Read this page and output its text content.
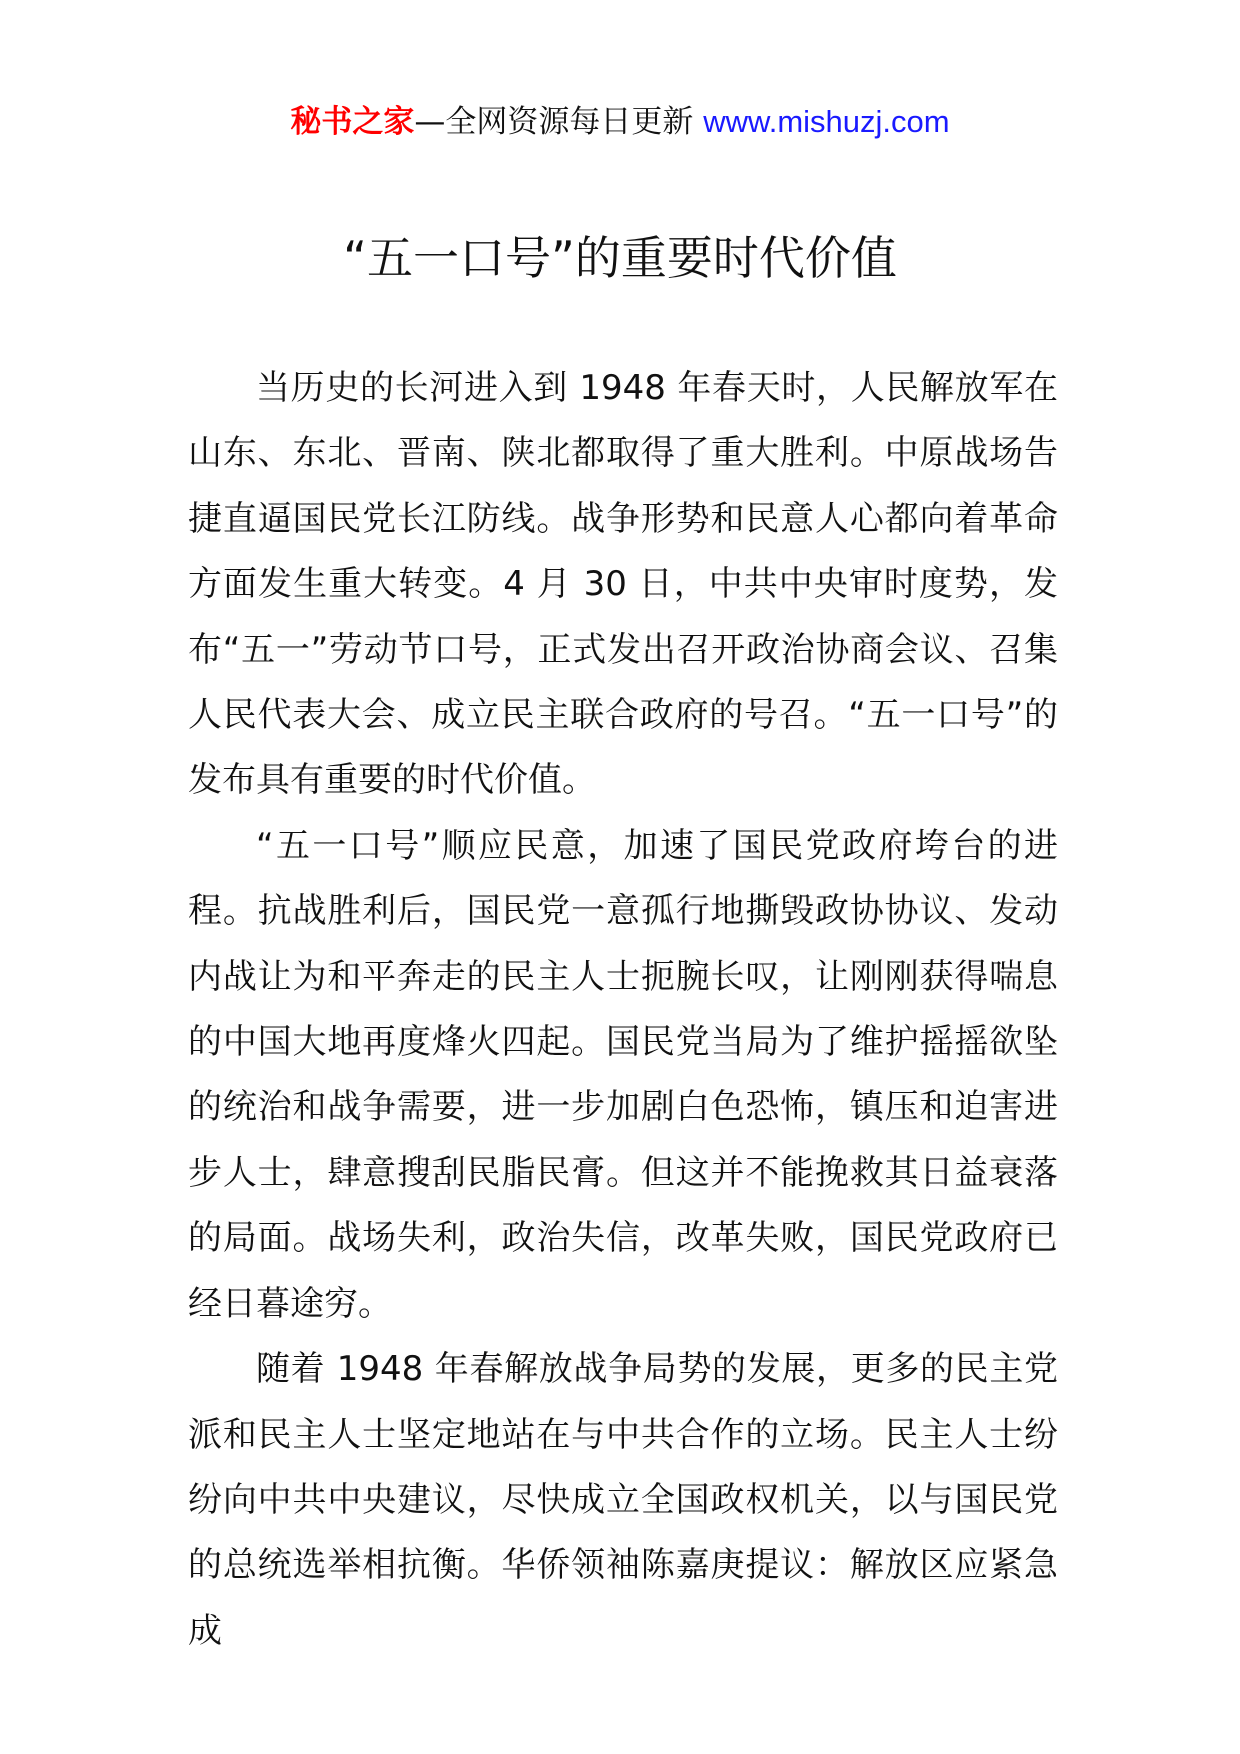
秘书之家—全网资源每日更新 www.mishuzj.com
“五一口号”的重要时代价值

当历史的长河进入到 1948 年春天时，人民解放军在山东、东北、晋南、陕北都取得了重大胜利。中原战场告捷直逼国民党长江防线。战争形势和民意人心都向着革命方面发生重大转变。4 月 30 日，中共中央审时度势，发布“五一”劳动节口号，正式发出召开政治协商会议、召集人民代表大会、成立民主联合政府的号召。“五一口号”的发布具有重要的时代价值。

“五一口号”顺应民意，加速了国民党政府垮台的进程。抗战胜利后，国民党一意孤行地撕毁政协协议、发动内战让为和平奔走的民主人士扼腕长叹，让刚刚获得喘息的中国大地再度烽火四起。国民党当局为了维护摇摇欲坠的统治和战争需要，进一步加剧白色恐怖，镇压和迫害进步人士，肆意搜刮民脂民膏。但这并不能挽救其日益衰落的局面。战场失利，政治失信，改革失败，国民党政府已经日暮途穷。

随着 1948 年春解放战争局势的发展，更多的民主党派和民主人士坚定地站在与中共合作的立场。民主人士纷纷向中共中央建议，尽快成立全国政权机关，以与国民党的总统选举相抗衡。华侨领袖陈嘉庚提议：解放区应紧急成
